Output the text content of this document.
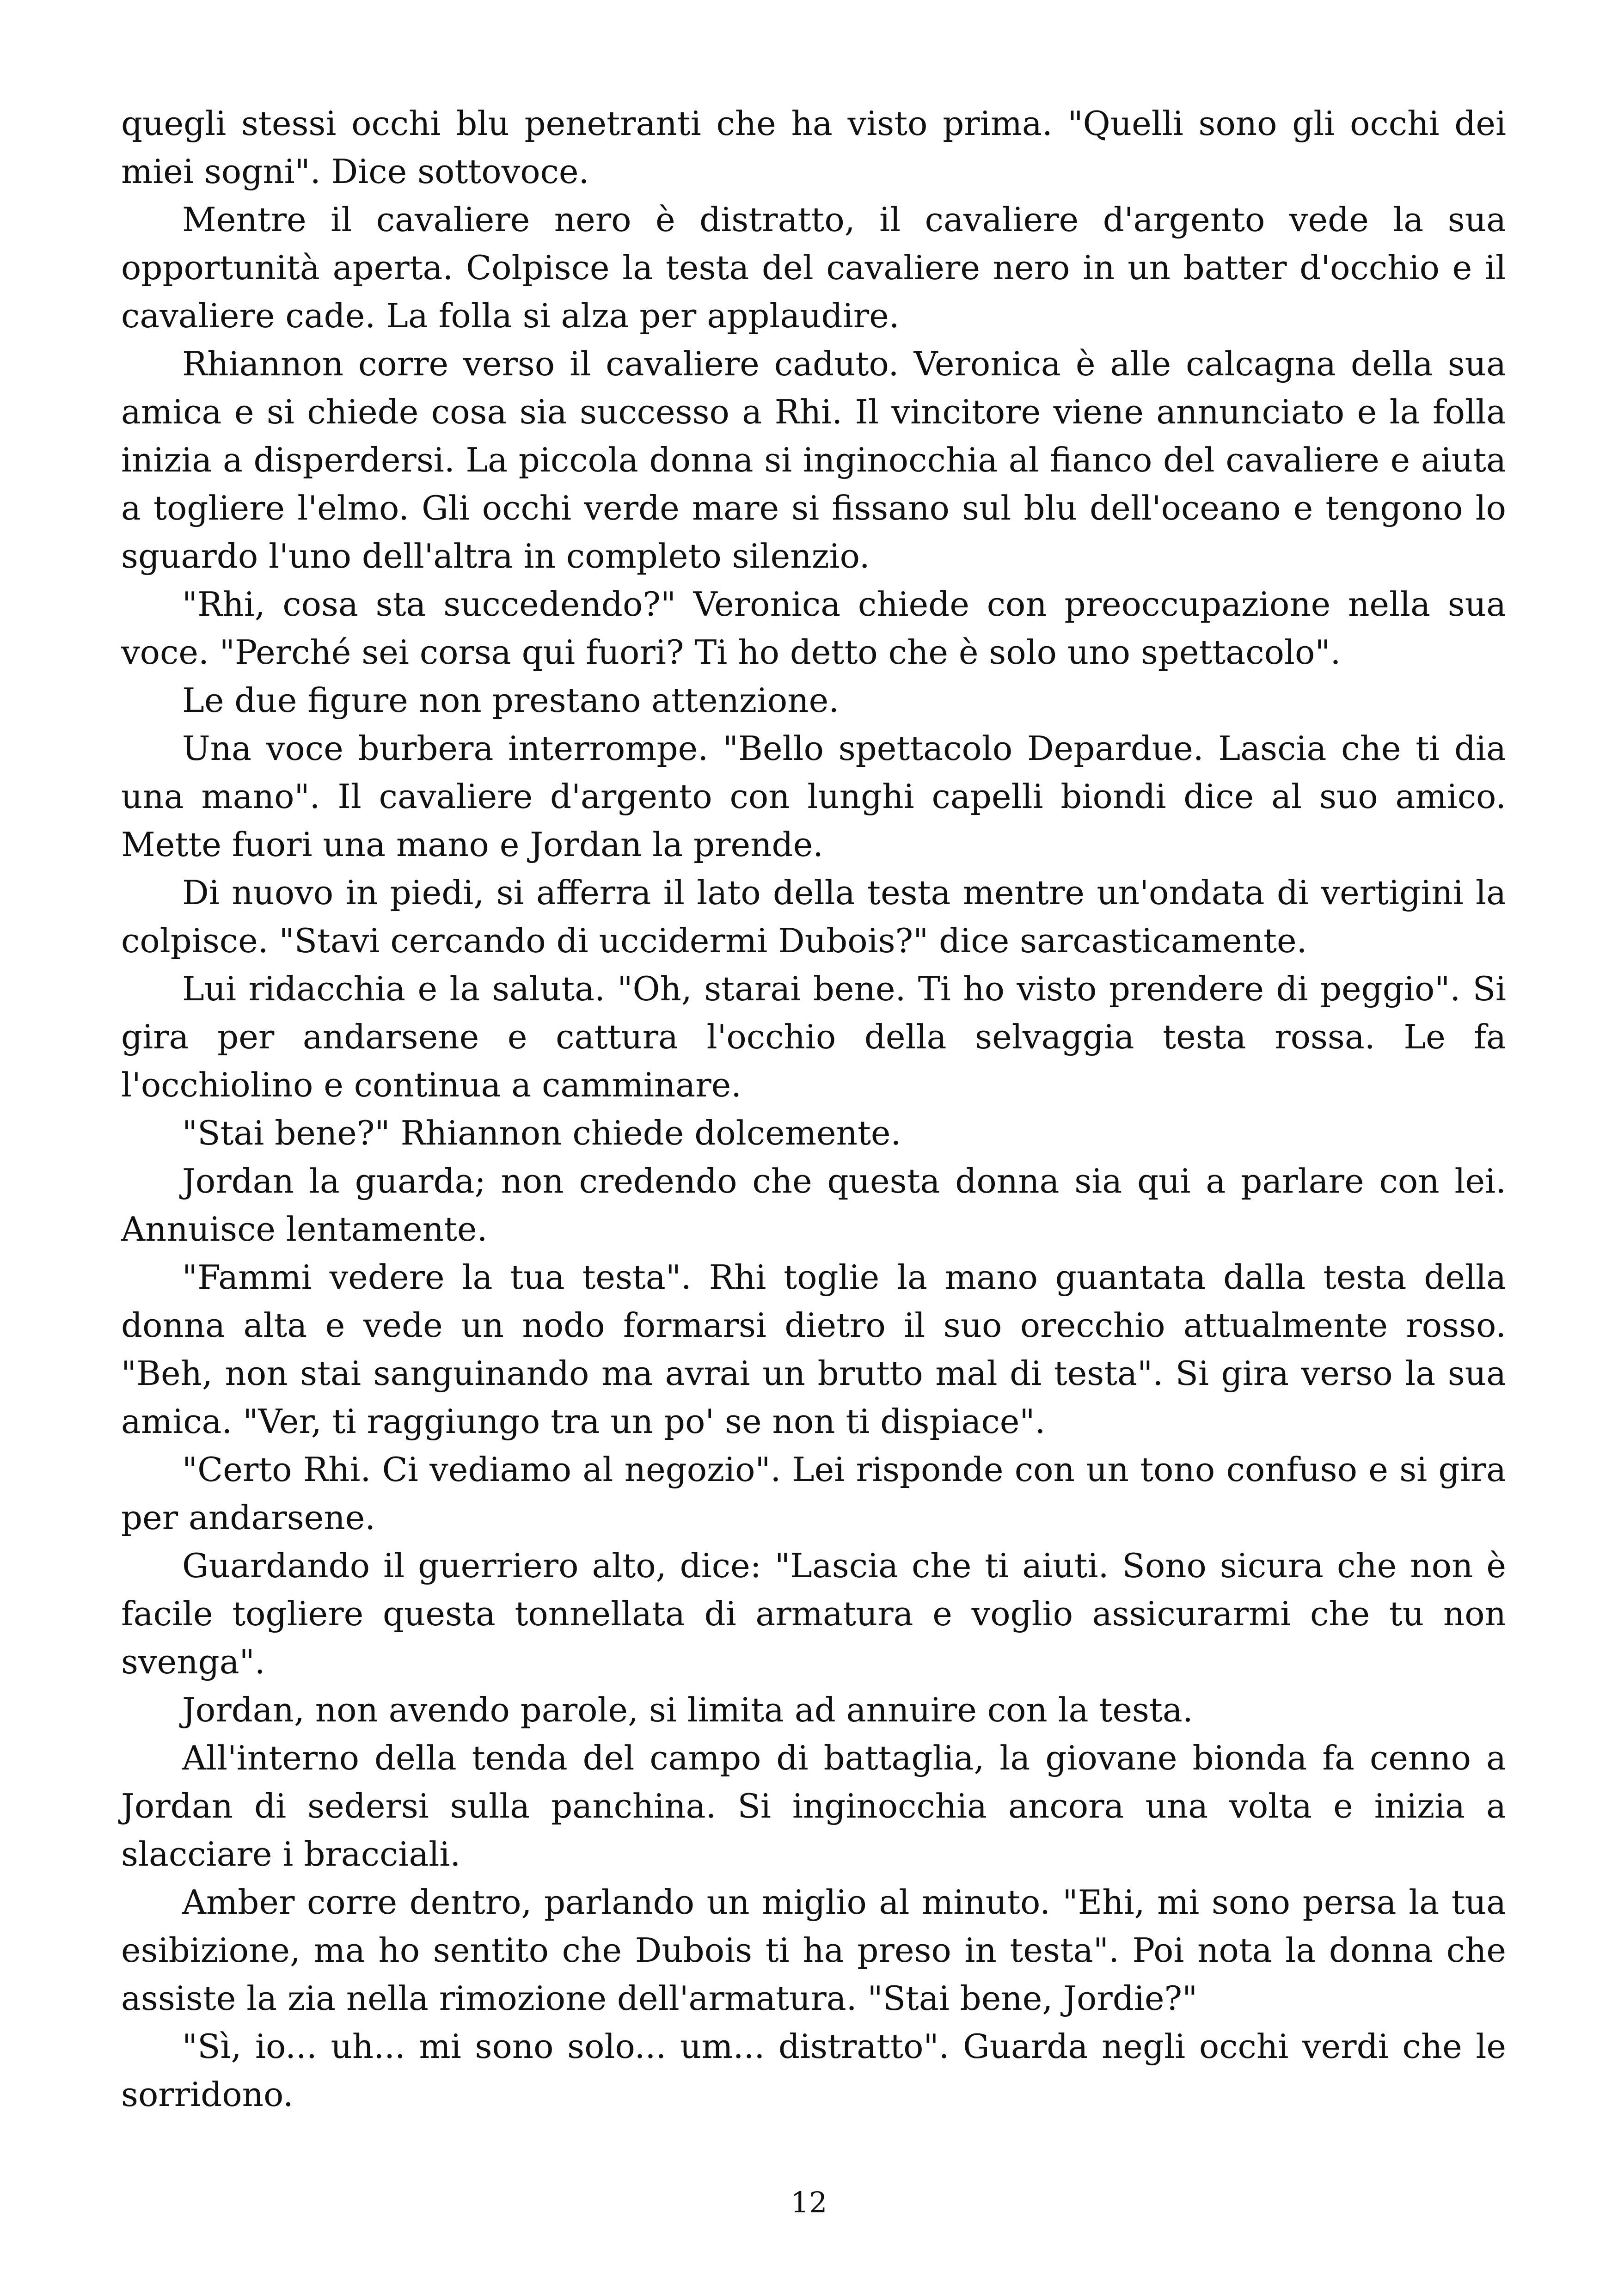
quegli stessi occhi blu penetranti che ha visto prima. "Quelli sono gli occhi dei miei sogni". Dice sottovoce.

Mentre il cavaliere nero è distratto, il cavaliere d'argento vede la sua opportunità aperta. Colpisce la testa del cavaliere nero in un batter d'occhio e il cavaliere cade. La folla si alza per applaudire.

Rhiannon corre verso il cavaliere caduto. Veronica è alle calcagna della sua amica e si chiede cosa sia successo a Rhi. Il vincitore viene annunciato e la folla inizia a disperdersi. La piccola donna si inginocchia al fianco del cavaliere e aiuta a togliere l'elmo. Gli occhi verde mare si fissano sul blu dell'oceano e tengono lo sguardo l'uno dell'altra in completo silenzio.

"Rhi, cosa sta succedendo?" Veronica chiede con preoccupazione nella sua voce. "Perché sei corsa qui fuori? Ti ho detto che è solo uno spettacolo".

Le due figure non prestano attenzione.

Una voce burbera interrompe. "Bello spettacolo Depardue. Lascia che ti dia una mano". Il cavaliere d'argento con lunghi capelli biondi dice al suo amico. Mette fuori una mano e Jordan la prende.

Di nuovo in piedi, si afferra il lato della testa mentre un'ondata di vertigini la colpisce. "Stavi cercando di uccidermi Dubois?" dice sarcasticamente.

Lui ridacchia e la saluta. "Oh, starai bene. Ti ho visto prendere di peggio". Si gira per andarsene e cattura l'occhio della selvaggia testa rossa. Le fa l'occhiolino e continua a camminare.

"Stai bene?" Rhiannon chiede dolcemente.

Jordan la guarda; non credendo che questa donna sia qui a parlare con lei. Annuisce lentamente.

"Fammi vedere la tua testa". Rhi toglie la mano guantata dalla testa della donna alta e vede un nodo formarsi dietro il suo orecchio attualmente rosso. "Beh, non stai sanguinando ma avrai un brutto mal di testa". Si gira verso la sua amica. "Ver, ti raggiungo tra un po' se non ti dispiace".

"Certo Rhi. Ci vediamo al negozio". Lei risponde con un tono confuso e si gira per andarsene.

Guardando il guerriero alto, dice: "Lascia che ti aiuti. Sono sicura che non è facile togliere questa tonnellata di armatura e voglio assicurarmi che tu non svenga".

Jordan, non avendo parole, si limita ad annuire con la testa.

All'interno della tenda del campo di battaglia, la giovane bionda fa cenno a Jordan di sedersi sulla panchina. Si inginocchia ancora una volta e inizia a slacciare i bracciali.

Amber corre dentro, parlando un miglio al minuto. "Ehi, mi sono persa la tua esibizione, ma ho sentito che Dubois ti ha preso in testa". Poi nota la donna che assiste la zia nella rimozione dell'armatura. "Stai bene, Jordie?"

"Sì, io... uh... mi sono solo... um... distratto". Guarda negli occhi verdi che le sorridono.

12
